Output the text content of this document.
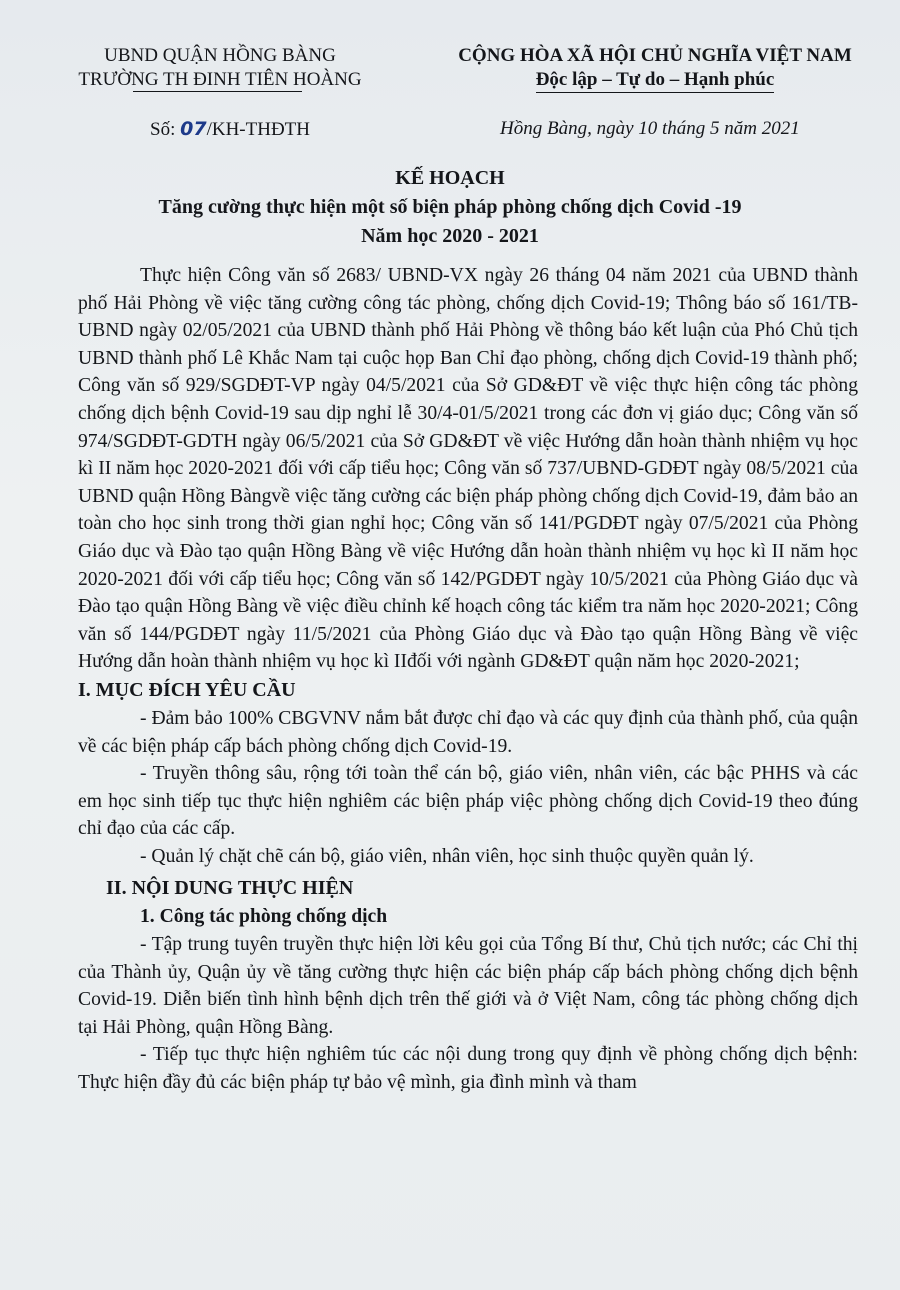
UBND QUẬN HỒNG BÀNG
TRƯỜNG TH ĐINH TIÊN HOÀNG
CỘNG HÒA XÃ HỘI CHỦ NGHĨA VIỆT NAM
Độc lập – Tự do – Hạnh phúc
Số: 07/KH-THĐTH	Hồng Bàng, ngày 10 tháng 5 năm 2021
KẾ HOẠCH
Tăng cường thực hiện một số biện pháp phòng chống dịch Covid -19
Năm học 2020 - 2021

Thực hiện Công văn số 2683/ UBND-VX ngày 26 tháng 04 năm 2021 của UBND thành phố Hải Phòng về việc tăng cường công tác phòng, chống dịch Covid-19; Thông báo số 161/TB-UBND ngày 02/05/2021 của UBND thành phố Hải Phòng về thông báo kết luận của Phó Chủ tịch UBND thành phố Lê Khắc Nam tại cuộc họp Ban Chỉ đạo phòng, chống dịch Covid-19 thành phố; Công văn số 929/SGDĐT-VP ngày 04/5/2021 của Sở GD&ĐT về việc thực hiện công tác phòng chống dịch bệnh Covid-19 sau dịp nghỉ lễ 30/4-01/5/2021 trong các đơn vị giáo dục; Công văn số 974/SGDĐT-GDTH ngày 06/5/2021 của Sở GD&ĐT về việc Hướng dẫn hoàn thành nhiệm vụ học kì II năm học 2020-2021 đối với cấp tiểu học; Công văn số 737/UBND-GDĐT ngày 08/5/2021 của UBND quận Hồng Bàngvề việc tăng cường các biện pháp phòng chống dịch Covid-19, đảm bảo an toàn cho học sinh trong thời gian nghỉ học; Công văn số 141/PGDĐT ngày 07/5/2021 của Phòng Giáo dục và Đào tạo quận Hồng Bàng về việc Hướng dẫn hoàn thành nhiệm vụ học kì II năm học 2020-2021 đối với cấp tiểu học; Công văn số 142/PGDĐT ngày 10/5/2021 của Phòng Giáo dục và Đào tạo quận Hồng Bàng về việc điều chỉnh kế hoạch công tác kiểm tra năm học 2020-2021; Công văn số 144/PGDĐT ngày 11/5/2021 của Phòng Giáo dục và Đào tạo quận Hồng Bàng về việc Hướng dẫn hoàn thành nhiệm vụ học kì IIđối với ngành GD&ĐT quận năm học 2020-2021;

I. MỤC ĐÍCH YÊU CẦU

- Đảm bảo 100% CBGVNV nắm bắt được chỉ đạo và các quy định của thành phố, của quận về các biện pháp cấp bách phòng chống dịch Covid-19.

- Truyền thông sâu, rộng tới toàn thể cán bộ, giáo viên, nhân viên, các bậc PHHS và các em học sinh tiếp tục thực hiện nghiêm các biện pháp việc phòng chống dịch Covid-19 theo đúng chỉ đạo của các cấp.

- Quản lý chặt chẽ cán bộ, giáo viên, nhân viên, học sinh thuộc quyền quản lý.

II. NỘI DUNG THỰC HIỆN

1. Công tác phòng chống dịch

- Tập trung tuyên truyền thực hiện lời kêu gọi của Tổng Bí thư, Chủ tịch nước; các Chỉ thị của Thành ủy, Quận ủy về tăng cường thực hiện các biện pháp cấp bách phòng chống dịch bệnh Covid-19. Diễn biến tình hình bệnh dịch trên thế giới và ở Việt Nam, công tác phòng chống dịch tại Hải Phòng, quận Hồng Bàng.

- Tiếp tục thực hiện nghiêm túc các nội dung trong quy định về phòng chống dịch bệnh: Thực hiện đầy đủ các biện pháp tự bảo vệ mình, gia đình mình và tham
